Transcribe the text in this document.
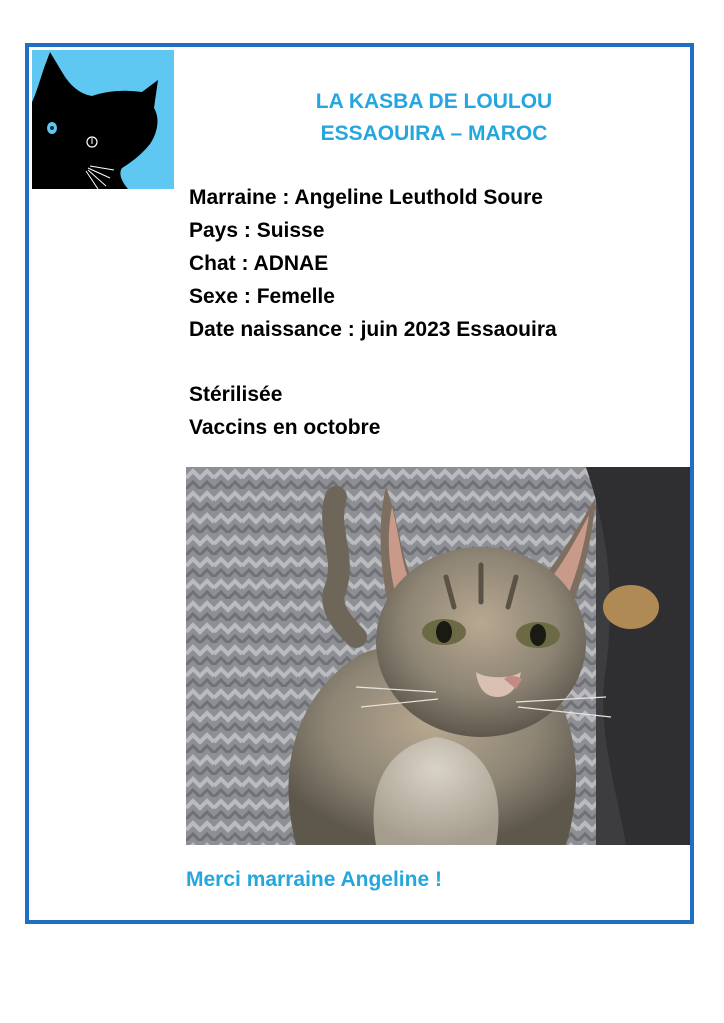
LA KASBA DE LOULOU
ESSAOUIRA – MAROC
Marraine : Angeline Leuthold Soure
Pays : Suisse
Chat : ADNAE
Sexe : Femelle
Date naissance : juin 2023 Essaouira
Stérilisée
Vaccins en octobre
Merci marraine Angeline !
